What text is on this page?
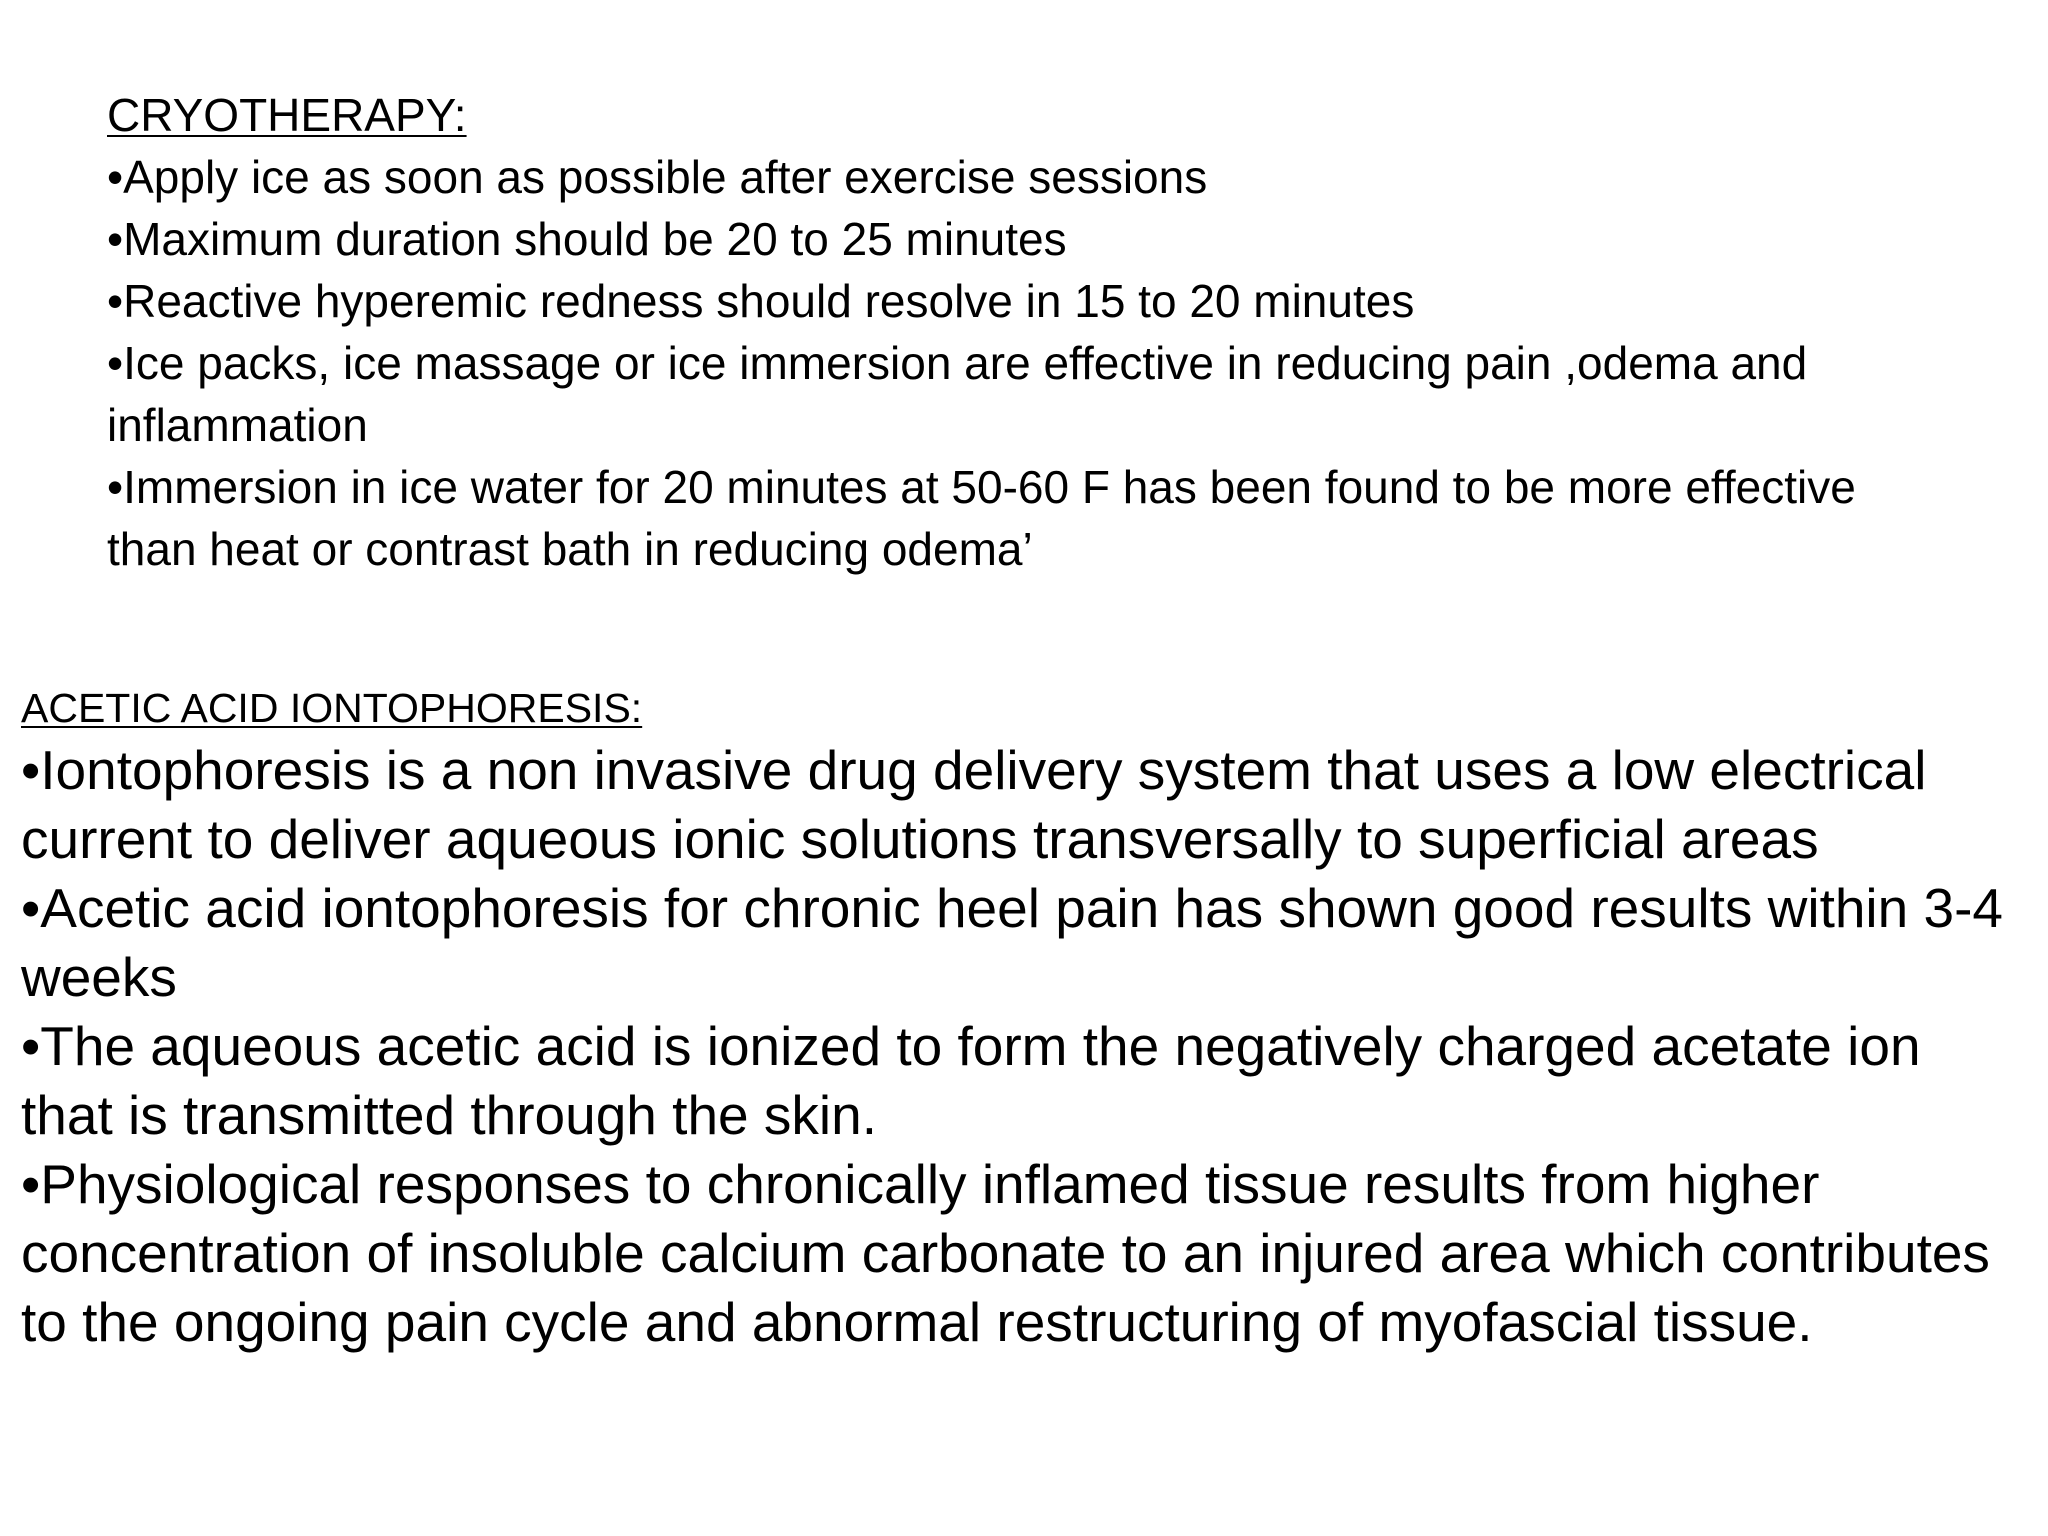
CRYOTHERAPY:
•Apply ice as soon as possible after exercise sessions
•Maximum duration should be 20 to 25 minutes
•Reactive hyperemic redness should resolve in 15 to 20 minutes
•Ice packs, ice massage or ice immersion are effective in reducing pain ,odema and inflammation
•Immersion in ice water for 20 minutes at 50-60 F has been found to be more effective than heat or contrast bath in reducing odema’
ACETIC ACID IONTOPHORESIS:
•Iontophoresis is a non invasive drug delivery system that uses a low electrical current to deliver aqueous ionic solutions transversally to superficial areas
•Acetic acid iontophoresis for chronic heel pain has shown good results within 3-4 weeks
•The aqueous acetic acid is ionized to form the negatively charged acetate ion that is transmitted through the skin.
•Physiological responses to chronically inflamed tissue results from higher concentration of insoluble calcium carbonate to an injured area which contributes to the ongoing pain cycle and abnormal restructuring of myofascial tissue.
